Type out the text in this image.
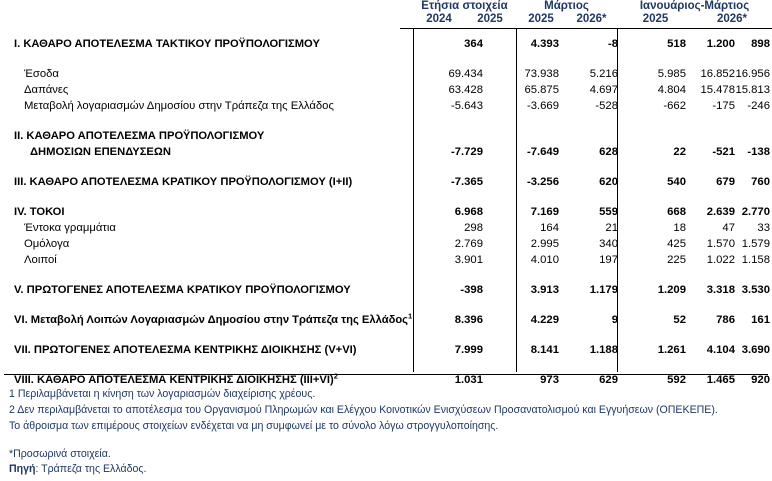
Ετήσια στοιχεία	Μάρτιος	Ιανουάριος-Μάρτιος
2024	2025	2025	2026*	2025	2026*
I. ΚΑΘΑΡΟ ΑΠΟΤΕΛΕΣΜΑ ΤΑΚΤΙΚΟΥ ΠΡΟΫΠΟΛΟΓΙΣΜΟΥ	364	4.393	-8	518 1.200 898
Έσοδα	69.434	73.938	5.216	5.985 16.852 16.956
Δαπάνες	63.428	65.875	4.697	4.804 15.478 15.813
Μεταβολή λογαριασμών Δημοσίου στην Τράπεζα της Ελλάδος	-5.643	-3.669	-528	-662 -175 -246
II. ΚΑΘΑΡΟ ΑΠΟΤΕΛΕΣΜΑ ΠΡΟΫΠΟΛΟΓΙΣΜΟΥ
ΔΗΜΟΣΙΩΝ ΕΠΕΝΔΥΣΕΩΝ	-7.729	-7.649	628	22 -521 -138
III. ΚΑΘΑΡΟ ΑΠΟΤΕΛΕΣΜΑ ΚΡΑΤΙΚΟΥ ΠΡΟΫΠΟΛΟΓΙΣΜΟΥ (I+II)	-7.365	-3.256	620	540	679 760
IV. ΤΟΚΟΙ	6.968	7.169	559	668 2.639 2.770
Έντοκα γραμμάτια	298	164	21	18	47 33
Ομόλογα	2.769	2.995	340	425 1.570 1.579
Λοιποί	3.901	4.010	197	225 1.022 1.158
V. ΠΡΩΤΟΓΕΝΕΣ ΑΠΟΤΕΛΕΣΜΑ ΚΡΑΤΙΚΟΥ ΠΡΟΫΠΟΛΟΓΙΣΜΟΥ	-398	3.913	1.179	1.209 3.318 3.530
VI. Μεταβολή Λοιπών Λογαριασμών Δημοσίου στην Τράπεζα της Ελλάδος$^1$	8.396	4.229	9	52	786 161
VII. ΠΡΩΤΟΓΕΝΕΣ ΑΠΟΤΕΛΕΣΜΑ ΚΕΝΤΡΙΚΗΣ ΔΙΟΙΚΗΣΗΣ (V+VI)	7.999	8.141	1.188	1.261 4.104 3.690
VIII. ΚΑΘΑΡΟ ΑΠΟΤΕΛΕΣΜΑ ΚΕΝΤΡΙΚΗΣ ΔΙΟΙΚΗΣΗΣ $(III+VI)^2$	1.031	973	629	592 1.465 920
1 Περιλαμβάνεται η κίνηση των λογαριασμών διαχείρισης χρέους.
2 Δεν περιλαμβάνεται το αποτέλεσμα του Οργανισμού Πληρωμών και Ελέγχου Κοινοτικών Ενισχύσεων Προσανατολισμού και Εγγυήσεων (ΟΠΕΚΕΠΕ).
Το άθροισμα των επιμέρους στοιχείων ενδέχεται να μη συμφωνεί με το σύνολο λόγω στρογγυλοποίησης.
*Προσωρινά στοιχεία.
Πηγή: Τράπεζα της Ελλάδος.
